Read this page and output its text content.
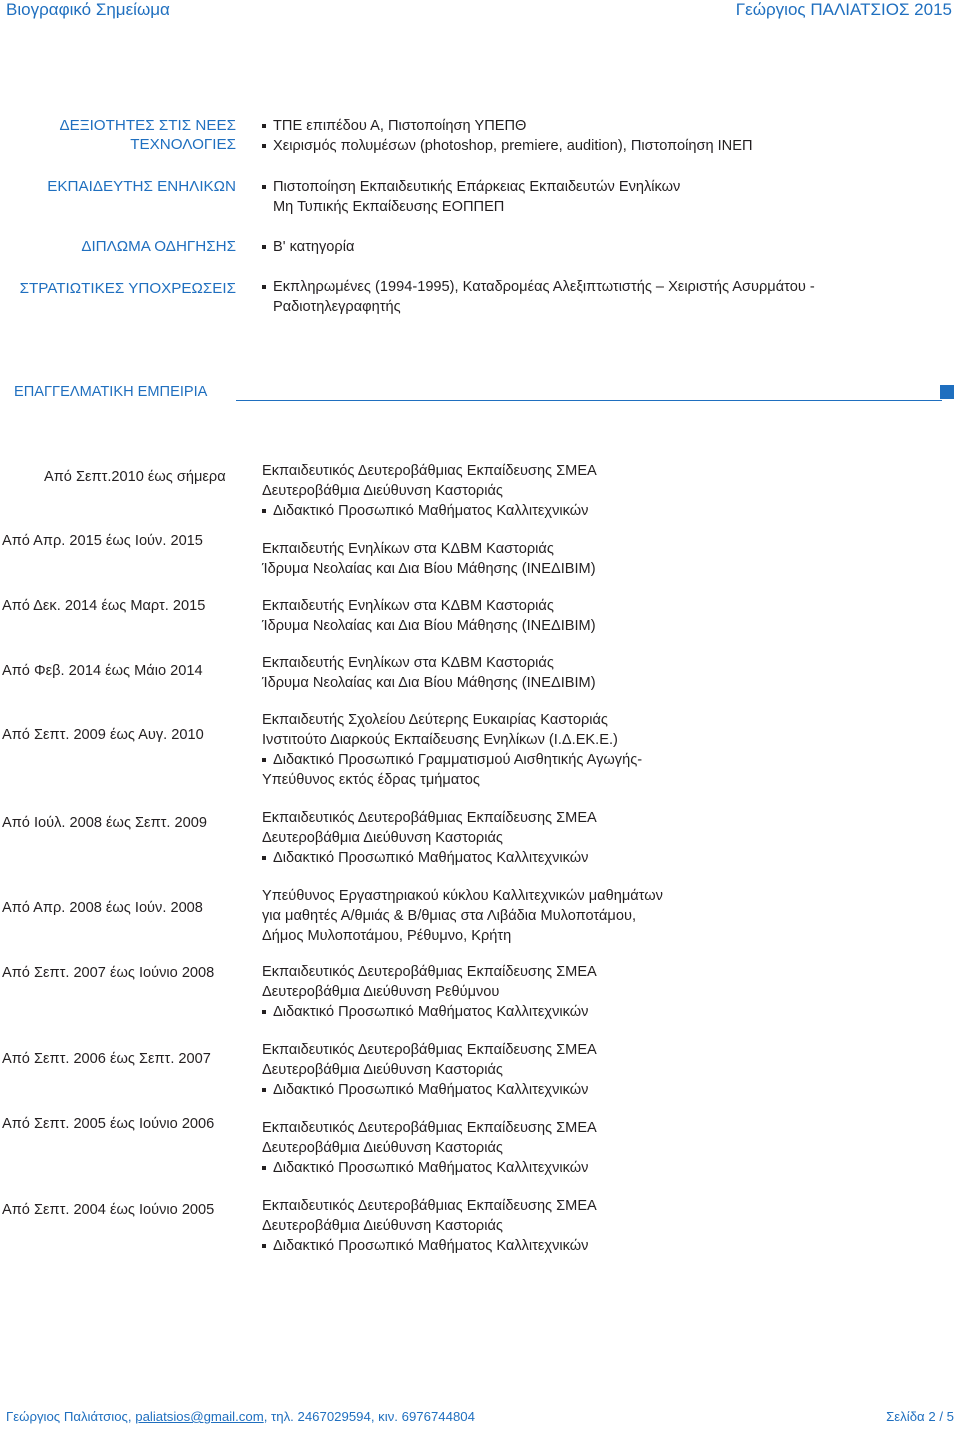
Βιογραφικό Σημείωμα	Γεώργιος ΠΑΛΙΑΤΣΙΟΣ 2015
ΔΕΞΙΟΤΗΤΕΣ ΣΤΙΣ ΝΕΕΣ
ΤΕΧΝΟΛΟΓΙΕΣ
ΤΠΕ επιπέδου Α, Πιστοποίηση ΥΠΕΠΘ
Χειρισμός πολυμέσων (photoshop, premiere, audition), Πιστοποίηση ΙΝΕΠ
ΕΚΠΑΙΔΕΥΤΗΣ ΕΝΗΛΙΚΩΝ	Πιστοποίηση Εκπαιδευτικής Επάρκειας Εκπαιδευτών Ενηλίκων
Μη Τυπικής Εκπαίδευσης ΕΟΠΠΕΠ
ΔΙΠΛΩΜΑ ΟΔΗΓΗΣΗΣ	Β' κατηγορία
ΣΤΡΑΤΙΩΤΙΚΕΣ ΥΠΟΧΡΕΩΣΕΙΣ	Εκπληρωμένες (1994-1995), Καταδρομέας Αλεξιπτωτιστής – Χειριστής Ασυρμάτου -
Ραδιοτηλεγραφητής
ΕΠΑΓΓΕΛΜΑΤΙΚΗ ΕΜΠΕΙΡΙΑ
Από Σεπτ.2010 έως σήμερα Εκπαιδευτικός Δευτεροβάθμιας Εκπαίδευσης ΣΜΕΑ
Δευτεροβάθμια Διεύθυνση Καστοριάς
Διδακτικό Προσωπικό Μαθήματος Καλλιτεχνικών
Από Απρ. 2015 έως Ιούν. 2015	Εκπαιδευτής Ενηλίκων στα ΚΔΒΜ Καστοριάς
Ίδρυμα Νεολαίας και Δια Βίου Μάθησης (ΙΝΕΔΙΒΙΜ)
Από Δεκ. 2014 έως Μαρτ. 2015	Εκπαιδευτής Ενηλίκων στα ΚΔΒΜ Καστοριάς
Ίδρυμα Νεολαίας και Δια Βίου Μάθησης (ΙΝΕΔΙΒΙΜ)
Από Φεβ. 2014 έως Μάιο 2014	Εκπαιδευτής Ενηλίκων στα ΚΔΒΜ Καστοριάς
Ίδρυμα Νεολαίας και Δια Βίου Μάθησης (ΙΝΕΔΙΒΙΜ)
Από Σεπτ. 2009 έως Αυγ. 2010
Εκπαιδευτής Σχολείου Δεύτερης Ευκαιρίας Καστοριάς
Ινστιτούτο Διαρκούς Εκπαίδευσης Ενηλίκων (Ι.Δ.ΕΚ.Ε.)
Διδακτικό Προσωπικό Γραμματισμού Αισθητικής Αγωγής-
Υπεύθυνος εκτός έδρας τμήματος
Από Ιούλ. 2008 έως Σεπτ. 2009	Εκπαιδευτικός Δευτεροβάθμιας Εκπαίδευσης ΣΜΕΑ
Δευτεροβάθμια Διεύθυνση Καστοριάς
Διδακτικό Προσωπικό Μαθήματος Καλλιτεχνικών
Από Απρ. 2008 έως Ιούν. 2008
Υπεύθυνος Εργαστηριακού κύκλου Καλλιτεχνικών μαθημάτων
για μαθητές Α/θμιάς & Β/θμιας στα Λιβάδια Μυλοποτάμου,
Δήμος Μυλοποτάμου, Ρέθυμνο, Κρήτη
Από Σεπτ. 2007 έως Ιούνιο 2008	Εκπαιδευτικός Δευτεροβάθμιας Εκπαίδευσης ΣΜΕΑ
Δευτεροβάθμια Διεύθυνση Ρεθύμνου
Διδακτικό Προσωπικό Μαθήματος Καλλιτεχνικών
Από Σεπτ. 2006 έως Σεπτ. 2007
Εκπαιδευτικός Δευτεροβάθμιας Εκπαίδευσης ΣΜΕΑ
Δευτεροβάθμια Διεύθυνση Καστοριάς
Διδακτικό Προσωπικό Μαθήματος Καλλιτεχνικών
Από Σεπτ. 2005 έως Ιούνιο 2006	Εκπαιδευτικός Δευτεροβάθμιας Εκπαίδευσης ΣΜΕΑ
Δευτεροβάθμια Διεύθυνση Καστοριάς
Διδακτικό Προσωπικό Μαθήματος Καλλιτεχνικών
Από Σεπτ. 2004 έως Ιούνιο 2005	Εκπαιδευτικός Δευτεροβάθμιας Εκπαίδευσης ΣΜΕΑ
Δευτεροβάθμια Διεύθυνση Καστοριάς
Διδακτικό Προσωπικό Μαθήματος Καλλιτεχνικών
Γεώργιος Παλιάτσιος, paliatsios@gmail.com, τηλ. 2467029594, κιν. 6976744804	Σελίδα 2 / 5
